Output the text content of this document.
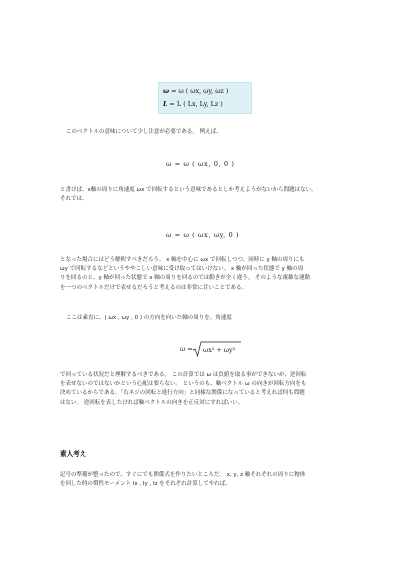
ω = ω ( ωx, ωy, ωz )
L = L ( Lx, Ly, Lz )
このベクトルの意味について少し注意が必要である。 例えば、
ω = ω ( ωx, 0, 0 )
と書けば、x軸の周りに角速度 ωx で回転するという意味であるとしか考えようがないから問題はない。
それでは、
ω = ω ( ωx, ωy, 0 )
となった場合にはどう解釈すべきだろう。 x 軸を中心に ωx で回転しつつ、同時に y 軸の周りにも
ωy で回転するなどというややこしい意味に受け取ってはいけない。 x 軸が回った状態で y 軸の周
りを回るのと、y 軸が回った状態で x 軸の周りを回るのでは動きが全く違う。 そのような複雑な運動
を一つのベクトルだけで表せるだろうと考えるのは非常に甘いことである。
ここは素直に、( ωx , ωy , 0 ) の方向を向いた軸の周りを、角速度
ω = ωx² + ωy²
で回っている状況だと理解するべきである。 この計算では ω は負値を取る事ができないが、逆回転
を表せないのではないかという心配は要らない。 というのも、軸ベクトル ω の向きが回転方向をも
決めているからである。「右ネジの回転と進行方向」と同様な関係になっていると考えれば何も問題
はない。 逆回転を表したければ軸ベクトルの向きを正反対にすればいい。
素人考え
記号の準備が整ったので、すぐにでも関係式を作りたいところだ。 x, y, z 軸それぞれの周りに物体
を回した時の慣性モーメント Ix , Iy , Iz をそれぞれ計算してやれば、
